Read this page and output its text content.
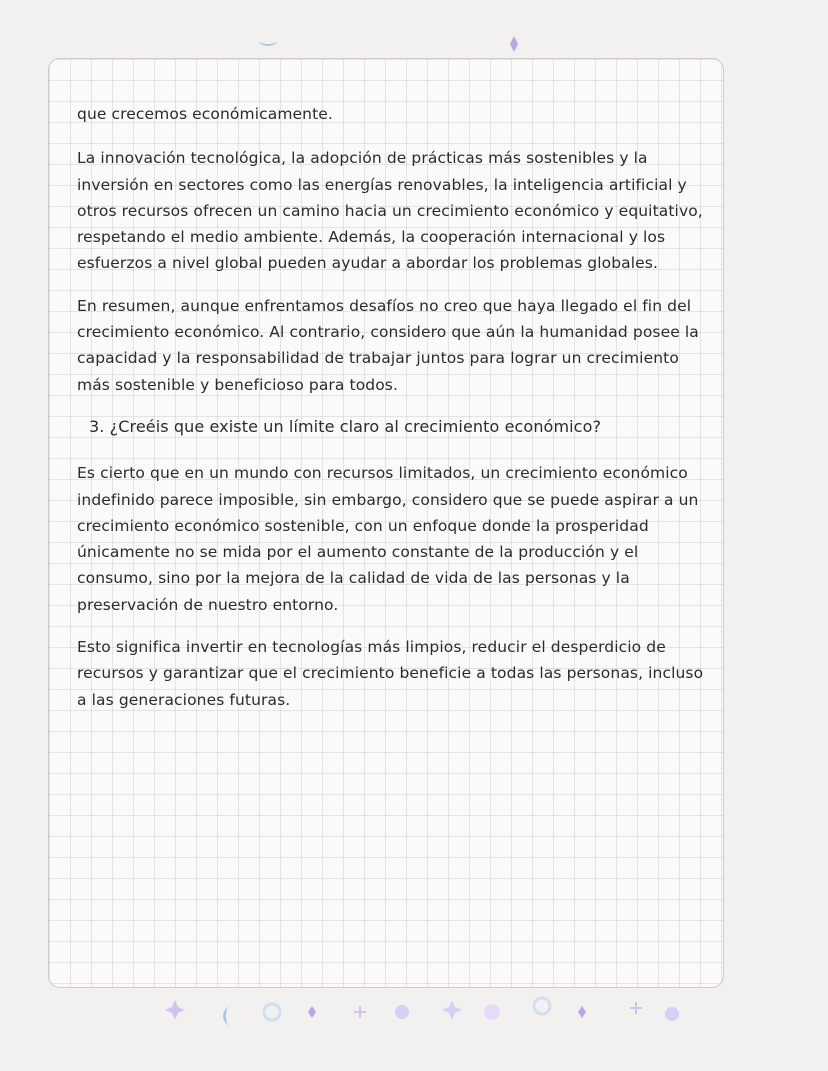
que crecemos económicamente.

La innovación tecnológica, la adopción de prácticas más sostenibles y la inversión en sectores como las energías renovables, la inteligencia artificial y otros recursos ofrecen un camino hacia un crecimiento económico y equitativo, respetando el medio ambiente. Además, la cooperación internacional y los esfuerzos a nivel global pueden ayudar a abordar los problemas globales.

En resumen, aunque enfrentamos desafíos no creo que haya llegado el fin del crecimiento económico. Al contrario, considero que aún la humanidad posee la capacidad y la responsabilidad de trabajar juntos para lograr un crecimiento más sostenible y beneficioso para todos.

3. ¿Creéis que existe un límite claro al crecimiento económico?

Es cierto que en un mundo con recursos limitados, un crecimiento económico indefinido parece imposible, sin embargo, considero que se puede aspirar a un crecimiento económico sostenible, con un enfoque donde la prosperidad únicamente no se mida por el aumento constante de la producción y el consumo, sino por la mejora de la calidad de vida de las personas y la preservación de nuestro entorno.

Esto significa invertir en tecnologías más limpios, reducir el desperdicio de recursos y garantizar que el crecimiento beneficie a todas las personas, incluso a las generaciones futuras.
